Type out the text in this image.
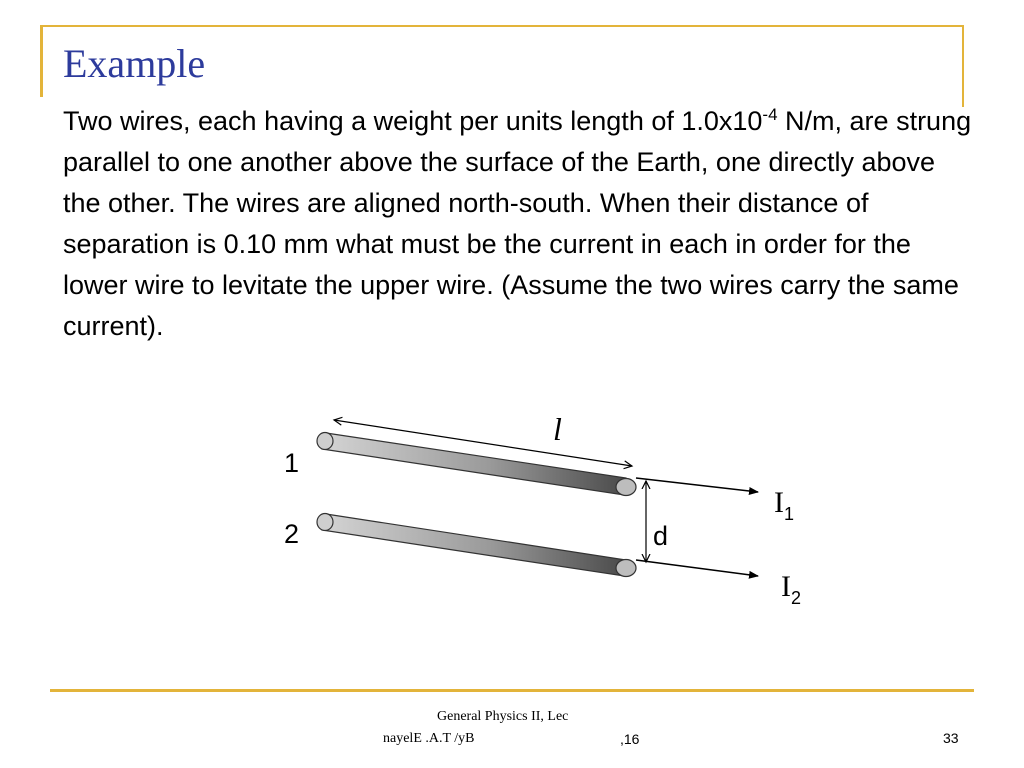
Example

Two wires, each having a weight per units length of $1.0x10^{-4}$ N/m, are strung parallel to one another above the surface of the Earth, one directly above the other. The wires are aligned north-south. When their distance of separation is 0.10 mm what must be the current in each in order for the lower wire to levitate the upper wire. (Assume the two wires carry the same current).

l
1
2	d
$I_1$
$I_2$
General Physics II, Lec
nayelE .A.T /yB	,16	33
